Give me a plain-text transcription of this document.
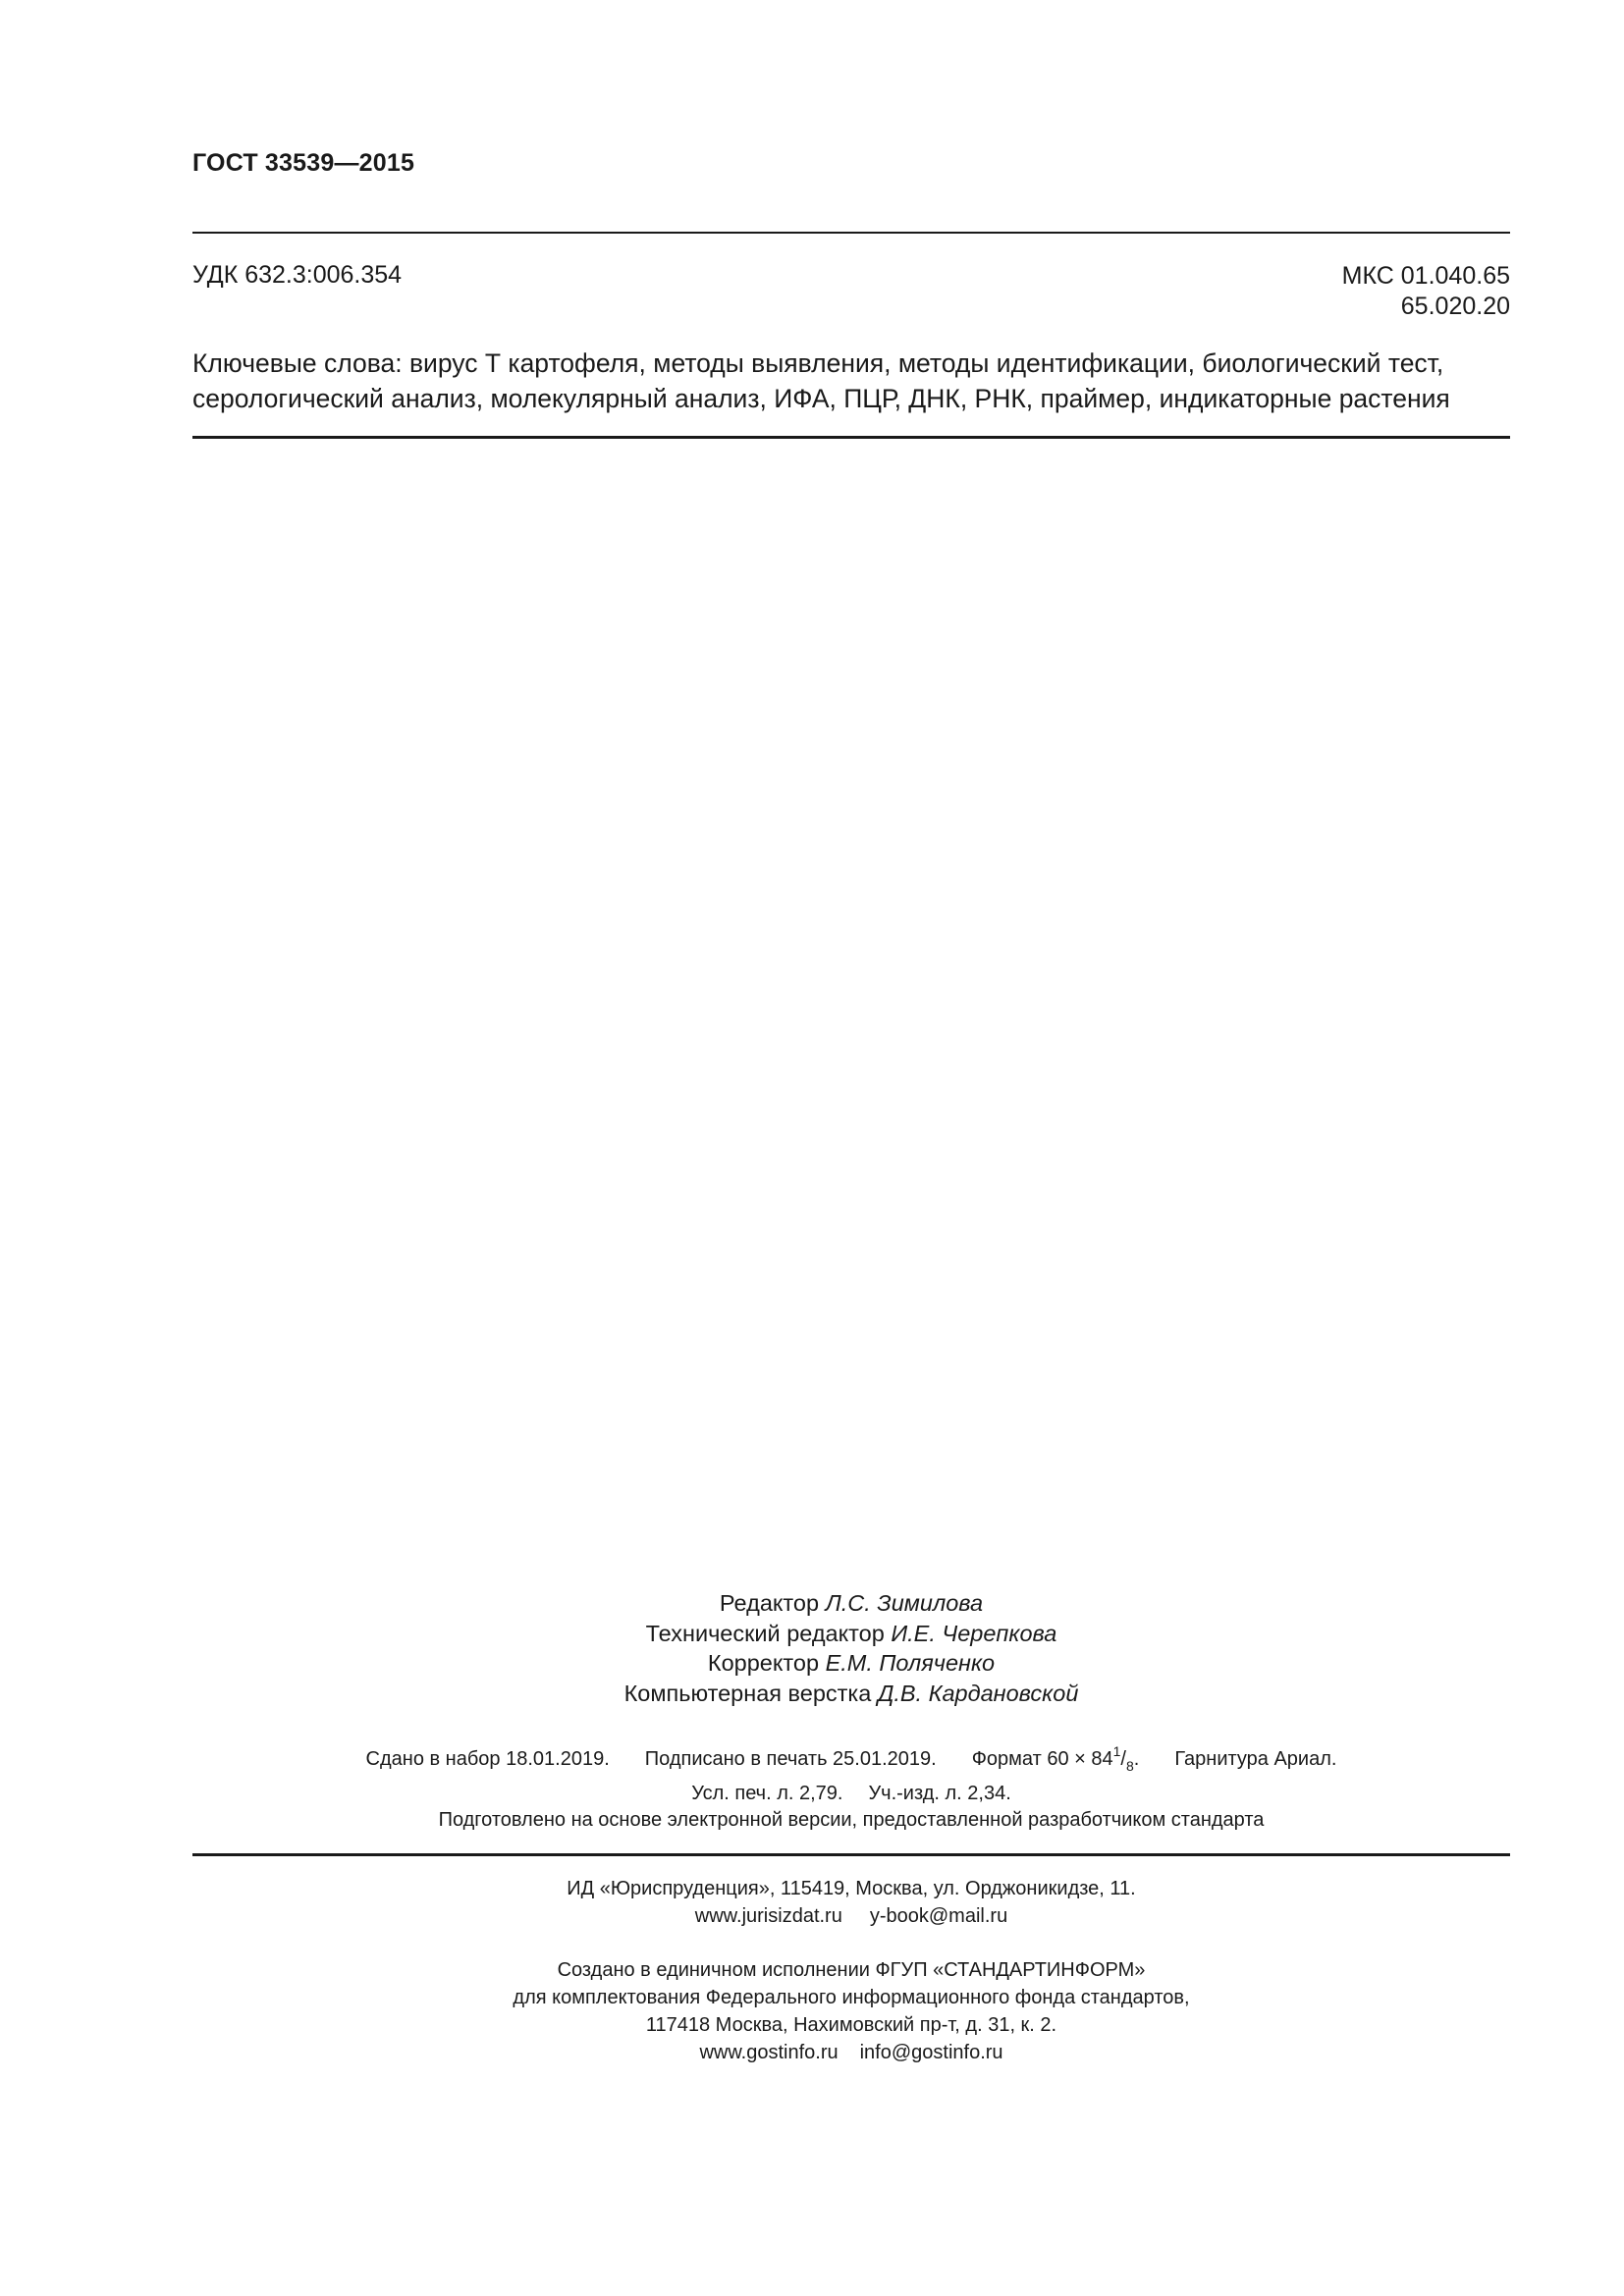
ГОСТ 33539—2015
УДК 632.3:006.354	МКС 01.040.65
65.020.20
Ключевые слова: вирус Т картофеля, методы выявления, методы идентификации, биологический тест,
серологический анализ, молекулярный анализ, ИФА, ПЦР, ДНК, РНК, праймер, индикаторные растения
Редактор Л.С. Зимилова
Технический редактор И.Е. Черепкова
Корректор Е.М. Поляченко
Компьютерная верстка Д.В. Кардановской
Сдано в набор 18.01.2019. Подписано в печать 25.01.2019. Формат $60 \times 84^1/_8$. Гарнитура Ариал.
Усл. печ. л. 2,79. Уч.-изд. л. 2,34.
Подготовлено на основе электронной версии, предоставленной разработчиком стандарта
ИД «Юриспруденция», 115419, Москва, ул. Орджоникидзе, 11.
www.jurisizdat.ru y-book@mail.ru
Создано в единичном исполнении ФГУП «СТАНДАРТИНФОРМ»
для комплектования Федерального информационного фонда стандартов,
117418 Москва, Нахимовский пр-т, д. 31, к. 2.
www.gostinfo.ru info@gostinfo.ru
